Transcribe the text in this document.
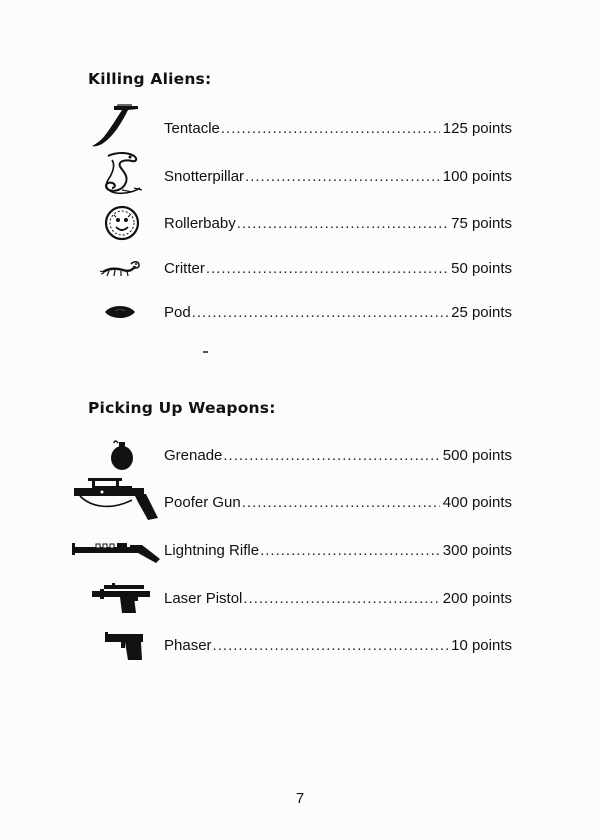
Killing Aliens:
Tentacle .....	125 points
Snotterpillar .....	100 points
Rollerbaby .....	75 points
Critter .....	50 points
Pod .....	25 points
Picking Up Weapons:
Grenade .....	500 points
Poofer Gun .....	400 points
Lightning Rifle .....	300 points
Laser Pistol .....	200 points
Phaser .....	10 points
7
